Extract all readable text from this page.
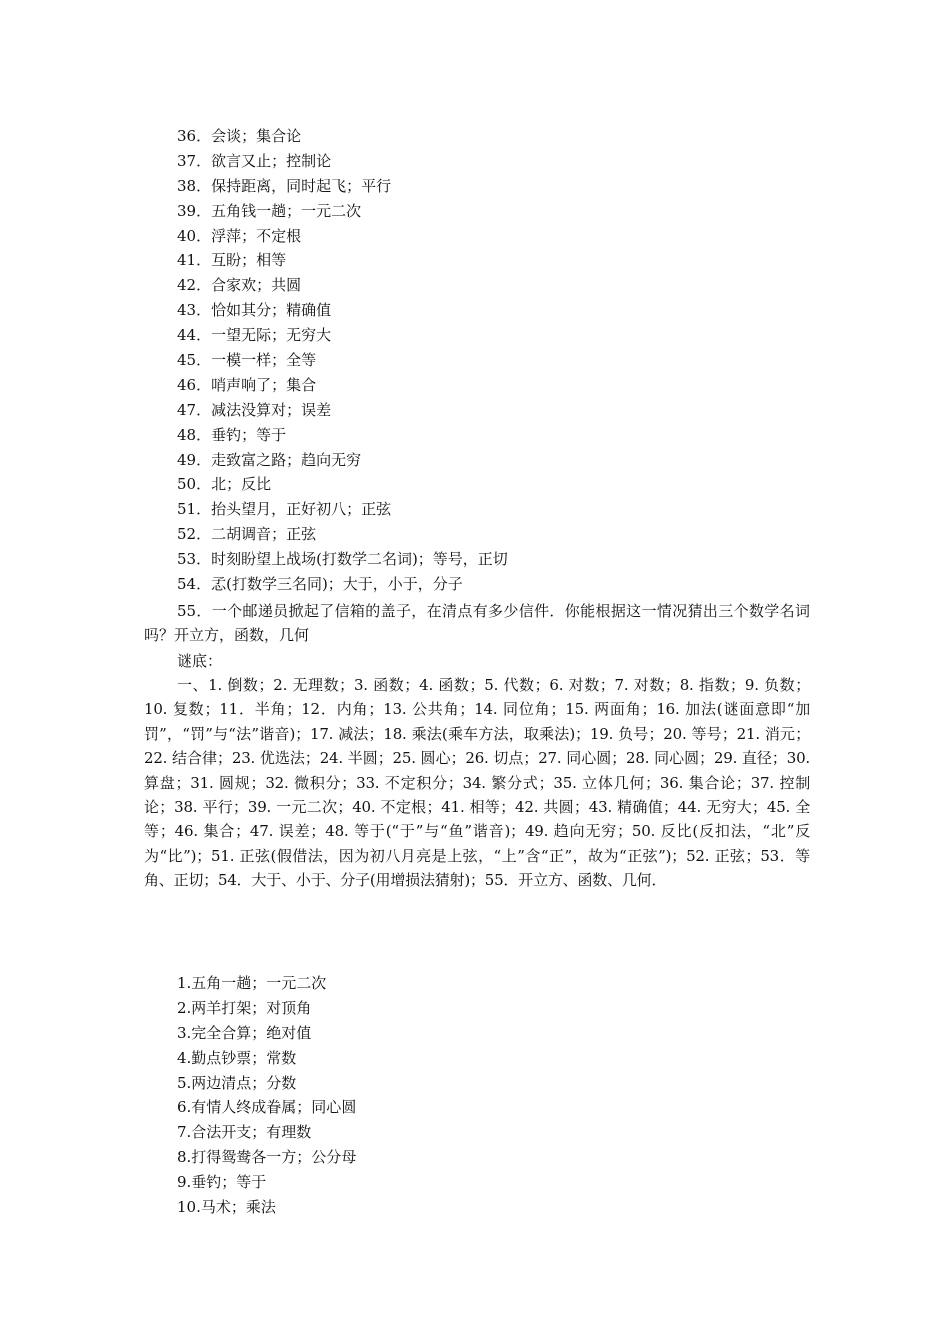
36．会谈；集合论
37．欲言又止；控制论
38．保持距离，同时起飞；平行
39．五角钱一趟；一元二次
40．浮萍；不定根
41．互盼；相等
42．合家欢；共圆
43．恰如其分；精确值
44．一望无际；无穷大
45．一模一样；全等
46．哨声响了；集合
47．减法没算对；误差
48．垂钓；等于
49．走致富之路；趋向无穷
50．北；反比
51．抬头望月，正好初八；正弦
52．二胡调音；正弦
53．时刻盼望上战场(打数学二名词)；等号，正切
54．孞(打数学三名同)；大于，小于，分子
55．一个邮递员掀起了信箱的盖子，在清点有多少信件．你能根据这一情况猜出三个数学名词吗？开立方，函数，几何
谜底：
一、1. 倒数；2. 无理数；3. 函数；4. 函数；5. 代数；6. 对数；7. 对数；8. 指数；9. 负数；10. 复数；11．半角；12．内角；13. 公共角；14. 同位角；15. 两面角；16. 加法(谜面意即“加罚”，“罚”与“法”谐音)；17. 减法；18. 乘法(乘车方法，取乘法)；19. 负号；20. 等号；21. 消元；22. 结合律；23. 优选法；24. 半圆；25. 圆心；26. 切点；27. 同心圆；28. 同心圆；29. 直径；30. 算盘；31. 圆规；32. 微积分；33. 不定积分；34. 繁分式；35. 立体几何；36. 集合论；37. 控制论；38. 平行；39. 一元二次；40. 不定根；41. 相等；42. 共圆；43. 精确值；44. 无穷大；45. 全等；46. 集合；47. 误差；48. 等于(“于”与“鱼”谐音)；49. 趋向无穷；50. 反比(反扣法，“北”反为“比”)；51. 正弦(假借法，因为初八月亮是上弦，“上”含“正”，故为“正弦”)；52. 正弦；53．等角、正切；54．大于、小于、分子(用增损法猜射)；55．开立方、函数、几何．
1.五角一趟；一元二次
2.两羊打架；对顶角
3.完全合算；绝对值
4.勤点钞票；常数
5.两边清点；分数
6.有情人终成眷属；同心圆
7.合法开支；有理数
8.打得鸳鸯各一方；公分母
9.垂钓；等于
10.马术；乘法
